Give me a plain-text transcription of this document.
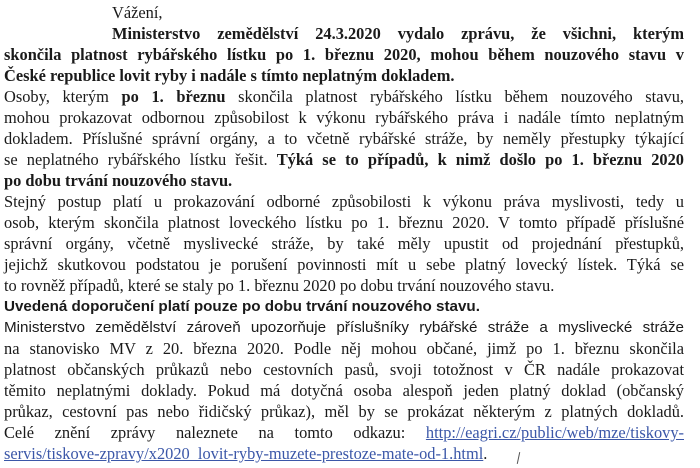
Vážení,
Ministerstvo zemědělství 24.3.2020 vydalo zprávu, že všichni, kterým
skončila platnost rybářského lístku po 1. březnu 2020, mohou během nouzového stavu v
České republice lovit ryby i nadále s tímto neplatným dokladem.
Osoby, kterým po 1. březnu skončila platnost rybářského lístku během nouzového stavu,
mohou prokazovat odbornou způsobilost k výkonu rybářského práva i nadále tímto neplatným
dokladem. Příslušné správní orgány, a to včetně rybářské stráže, by neměly přestupky týkající
se neplatného rybářského lístku řešit. Týká se to případů, k nimž došlo po 1. březnu 2020
po dobu trvání nouzového stavu.
Stejný postup platí u prokazování odborné způsobilosti k výkonu práva myslivosti, tedy u
osob, kterým skončila platnost loveckého lístku po 1. březnu 2020. V tomto případě příslušné
správní orgány, včetně myslivecké stráže, by také měly upustit od projednání přestupků,
jejichž skutkovou podstatou je porušení povinnosti mít u sebe platný lovecký lístek. Týká se
to rovněž případů, které se staly po 1. březnu 2020 po dobu trvání nouzového stavu.
Uvedená doporučení platí pouze po dobu trvání nouzového stavu.
Ministerstvo zemědělství zároveň upozorňuje příslušníky rybářské stráže a myslivecké stráže
na stanovisko MV z 20. března 2020. Podle něj mohou občané, jimž po 1. březnu skončila
platnost občanských průkazů nebo cestovních pasů, svoji totožnost v ČR nadále prokazovat
těmito neplatnými doklady. Pokud má dotyčná osoba alespoň jeden platný doklad (občanský
průkaz, cestovní pas nebo řidičský průkaz), měl by se prokázat některým z platných dokladů.
Celé znění zprávy naleznete na tomto odkazu: http://eagri.cz/public/web/mze/tiskovy-
servis/tiskove-zpravy/x2020_lovit-ryby-muzete-prestoze-mate-od-1.html.
